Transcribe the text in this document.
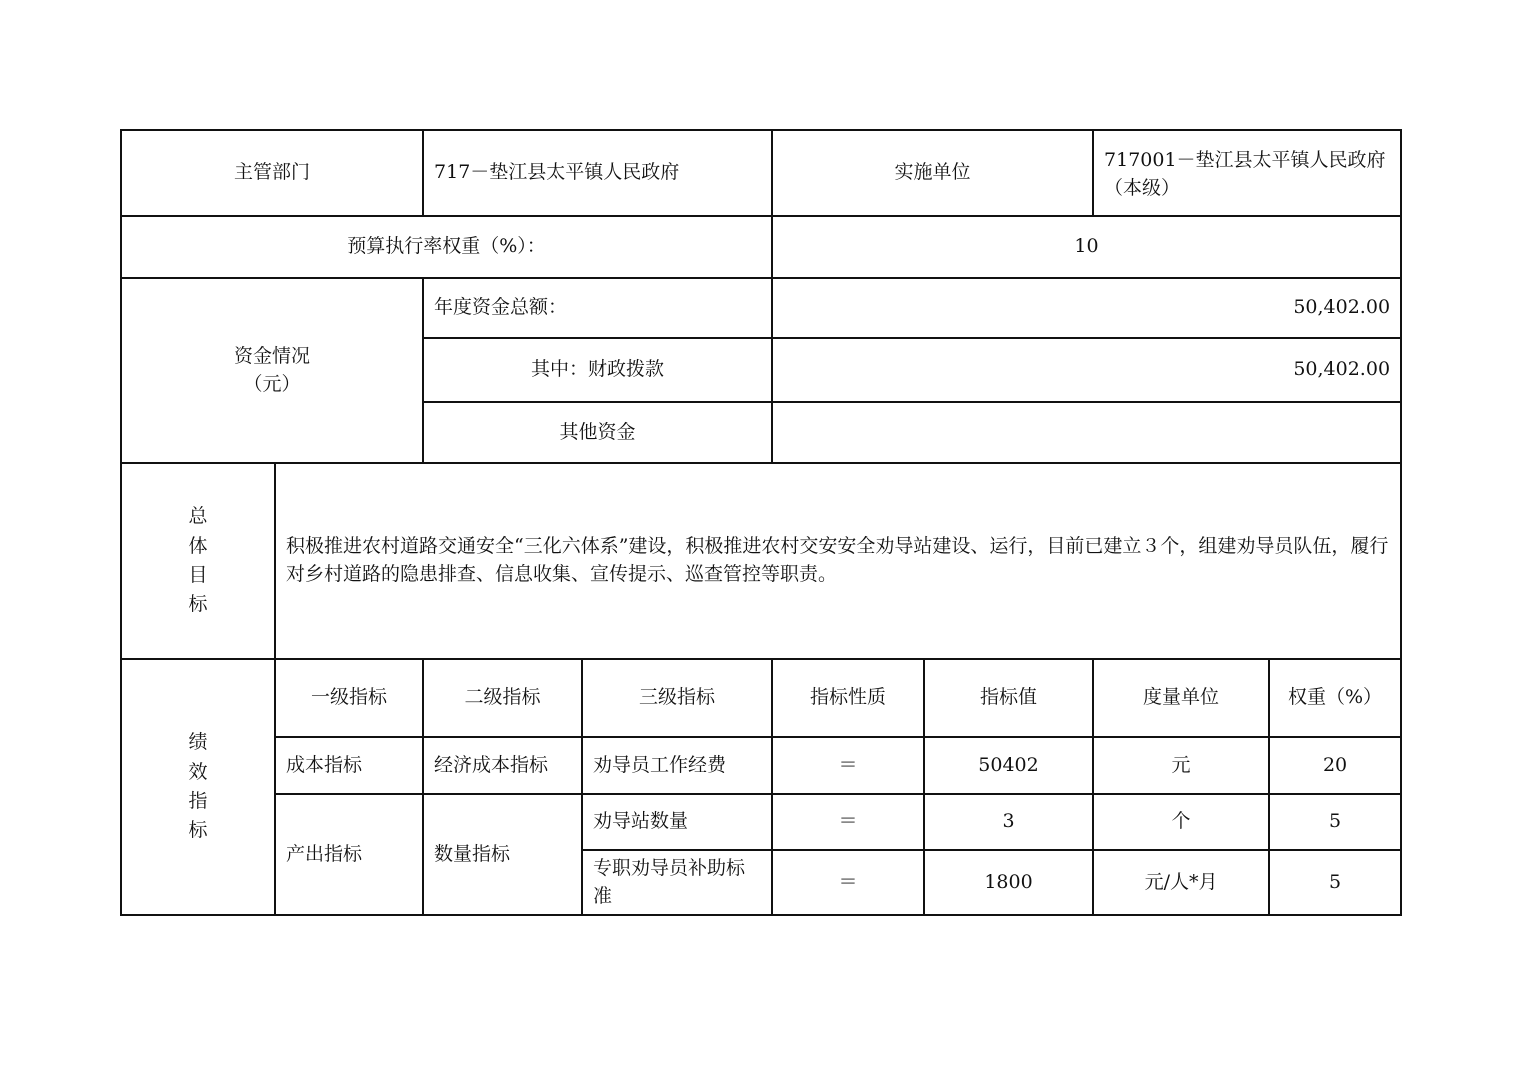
主管部门		717－垫江县太平镇人民政府		实施单位		717001－垫江县太平镇人民政府（本级）	
预算执行率权重（%）：				10			

资金情况
（元）		年度资金总额：		50,402.00			
		其中：财政拨款		50,402.00			
		其他资金					
总体目标	积极推进农村道路交通安全“三化六体系”建设，积极推进农村交安安全劝导站建设、运行，目前已建立３个，组建劝导员队伍，履行对乡村道路的隐患排查、信息收集、宣传提示、巡查管控等职责。						
绩效指标	一级指标	二级指标	三级指标	指标性质	指标值	度量单位	权重（%）
	成本指标	经济成本指标	劝导员工作经费	＝	50402	元	20
	产出指标	数量指标	劝导站数量	＝	3	个	5
			专职劝导员补助标准	＝	1800	元/人*月	5
